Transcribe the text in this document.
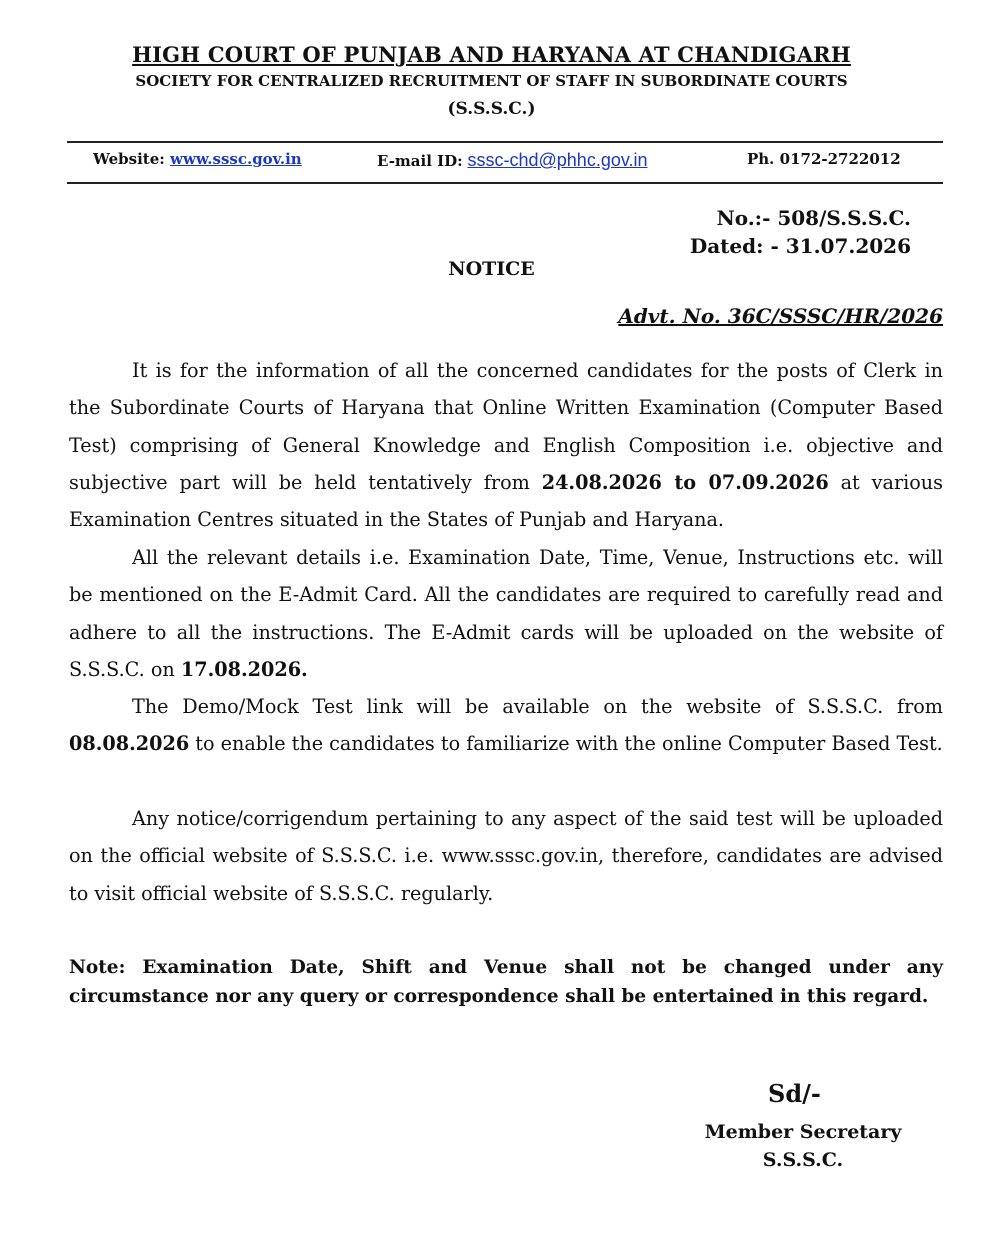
HIGH COURT OF PUNJAB AND HARYANA AT CHANDIGARH
SOCIETY FOR CENTRALIZED RECRUITMENT OF STAFF IN SUBORDINATE COURTS
(S.S.S.C.)
Website: www.sssc.gov.in	E-mail ID: sssc-chd@phhc.gov.in	Ph. 0172-2722012
No.:- 508/S.S.S.C.
Dated: - 31.07.2026
NOTICE
Advt. No. 36C/SSSC/HR/2026

It is for the information of all the concerned candidates for the posts of Clerk in the Subordinate Courts of Haryana that Online Written Examination (Computer Based Test) comprising of General Knowledge and English Composition i.e. objective and subjective part will be held tentatively from 24.08.2026 to 07.09.2026 at various Examination Centres situated in the States of Punjab and Haryana.

All the relevant details i.e. Examination Date, Time, Venue, Instructions etc. will be mentioned on the E-Admit Card. All the candidates are required to carefully read and adhere to all the instructions. The E-Admit cards will be uploaded on the website of S.S.S.C. on 17.08.2026.

The Demo/Mock Test link will be available on the website of S.S.S.C. from 08.08.2026 to enable the candidates to familiarize with the online Computer Based Test.

Any notice/corrigendum pertaining to any aspect of the said test will be uploaded on the official website of S.S.S.C. i.e. www.sssc.gov.in, therefore, candidates are advised to visit official website of S.S.S.C. regularly.

Note: Examination Date, Shift and Venue shall not be changed under any circumstance nor any query or correspondence shall be entertained in this regard.

Sd/-
Member Secretary
S.S.S.C.
